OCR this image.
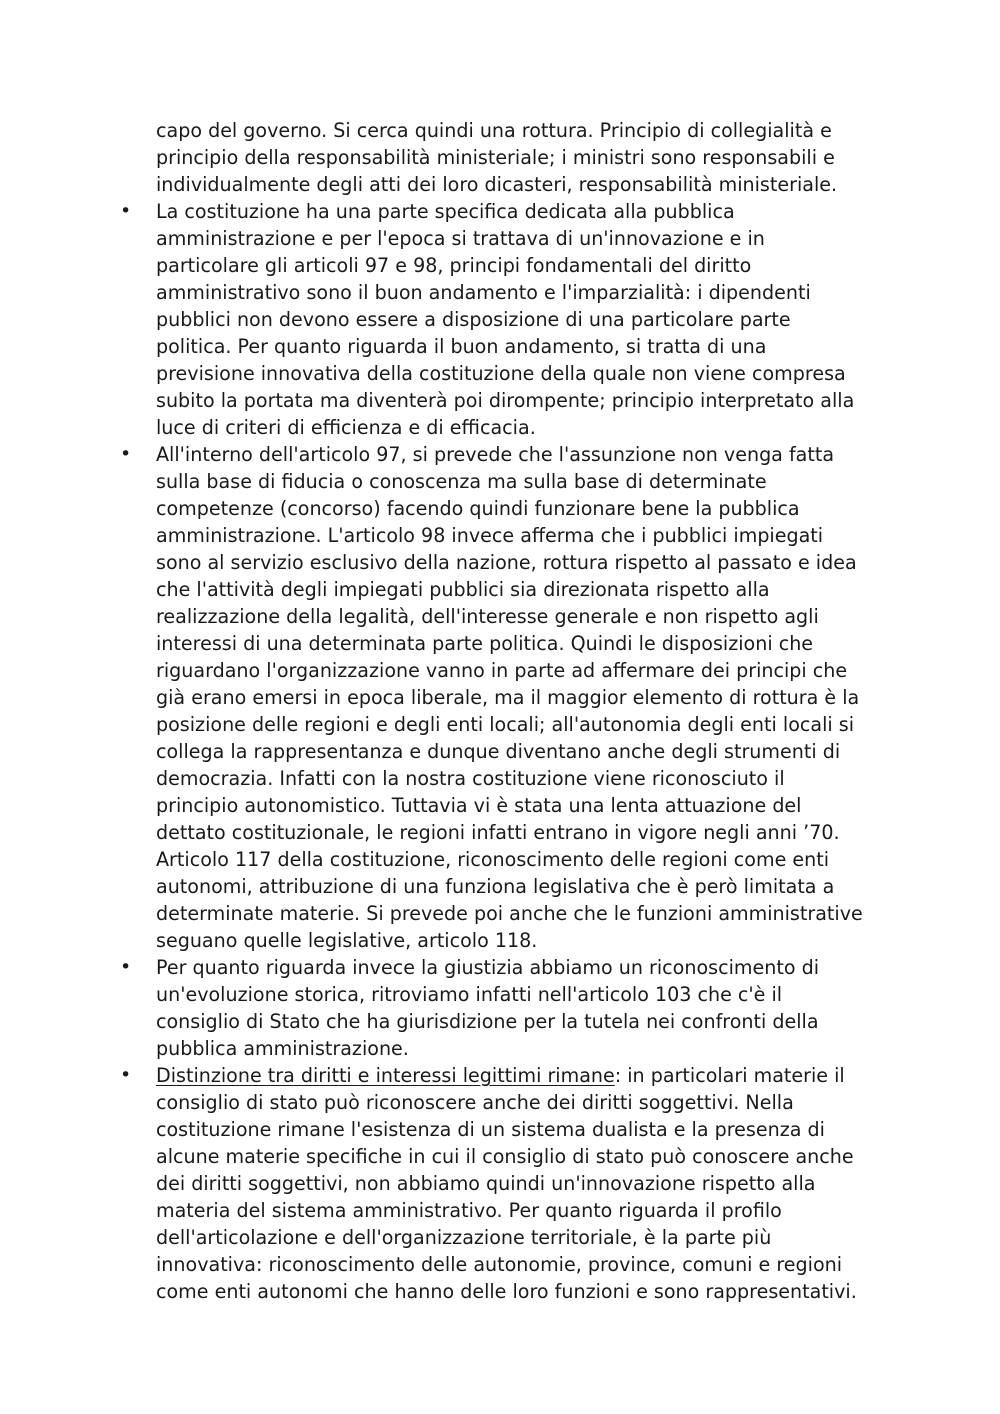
capo del governo. Si cerca quindi una rottura. Principio di collegialità e
principio della responsabilità ministeriale; i ministri sono responsabili e
individualmente degli atti dei loro dicasteri, responsabilità ministeriale.
• La costituzione ha una parte specifica dedicata alla pubblica
amministrazione e per l'epoca si trattava di un'innovazione e in
particolare gli articoli 97 e 98, principi fondamentali del diritto
amministrativo sono il buon andamento e l'imparzialità: i dipendenti
pubblici non devono essere a disposizione di una particolare parte
politica. Per quanto riguarda il buon andamento, si tratta di una
previsione innovativa della costituzione della quale non viene compresa
subito la portata ma diventerà poi dirompente; principio interpretato alla
luce di criteri di efficienza e di efficacia.
• All'interno dell'articolo 97, si prevede che l'assunzione non venga fatta
sulla base di fiducia o conoscenza ma sulla base di determinate
competenze (concorso) facendo quindi funzionare bene la pubblica
amministrazione. L'articolo 98 invece afferma che i pubblici impiegati
sono al servizio esclusivo della nazione, rottura rispetto al passato e idea
che l'attività degli impiegati pubblici sia direzionata rispetto alla
realizzazione della legalità, dell'interesse generale e non rispetto agli
interessi di una determinata parte politica. Quindi le disposizioni che
riguardano l'organizzazione vanno in parte ad affermare dei principi che
già erano emersi in epoca liberale, ma il maggior elemento di rottura è la
posizione delle regioni e degli enti locali; all'autonomia degli enti locali si
collega la rappresentanza e dunque diventano anche degli strumenti di
democrazia. Infatti con la nostra costituzione viene riconosciuto il
principio autonomistico. Tuttavia vi è stata una lenta attuazione del
dettato costituzionale, le regioni infatti entrano in vigore negli anni ’70.
Articolo 117 della costituzione, riconoscimento delle regioni come enti
autonomi, attribuzione di una funziona legislativa che è però limitata a
determinate materie. Si prevede poi anche che le funzioni amministrative
seguano quelle legislative, articolo 118.
• Per quanto riguarda invece la giustizia abbiamo un riconoscimento di
un'evoluzione storica, ritroviamo infatti nell'articolo 103 che c'è il
consiglio di Stato che ha giurisdizione per la tutela nei confronti della
pubblica amministrazione.
• Distinzione tra diritti e interessi legittimi rimane: in particolari materie il
consiglio di stato può riconoscere anche dei diritti soggettivi. Nella
costituzione rimane l'esistenza di un sistema dualista e la presenza di
alcune materie specifiche in cui il consiglio di stato può conoscere anche
dei diritti soggettivi, non abbiamo quindi un'innovazione rispetto alla
materia del sistema amministrativo. Per quanto riguarda il profilo
dell'articolazione e dell'organizzazione territoriale, è la parte più
innovativa: riconoscimento delle autonomie, province, comuni e regioni
come enti autonomi che hanno delle loro funzioni e sono rappresentativi.
